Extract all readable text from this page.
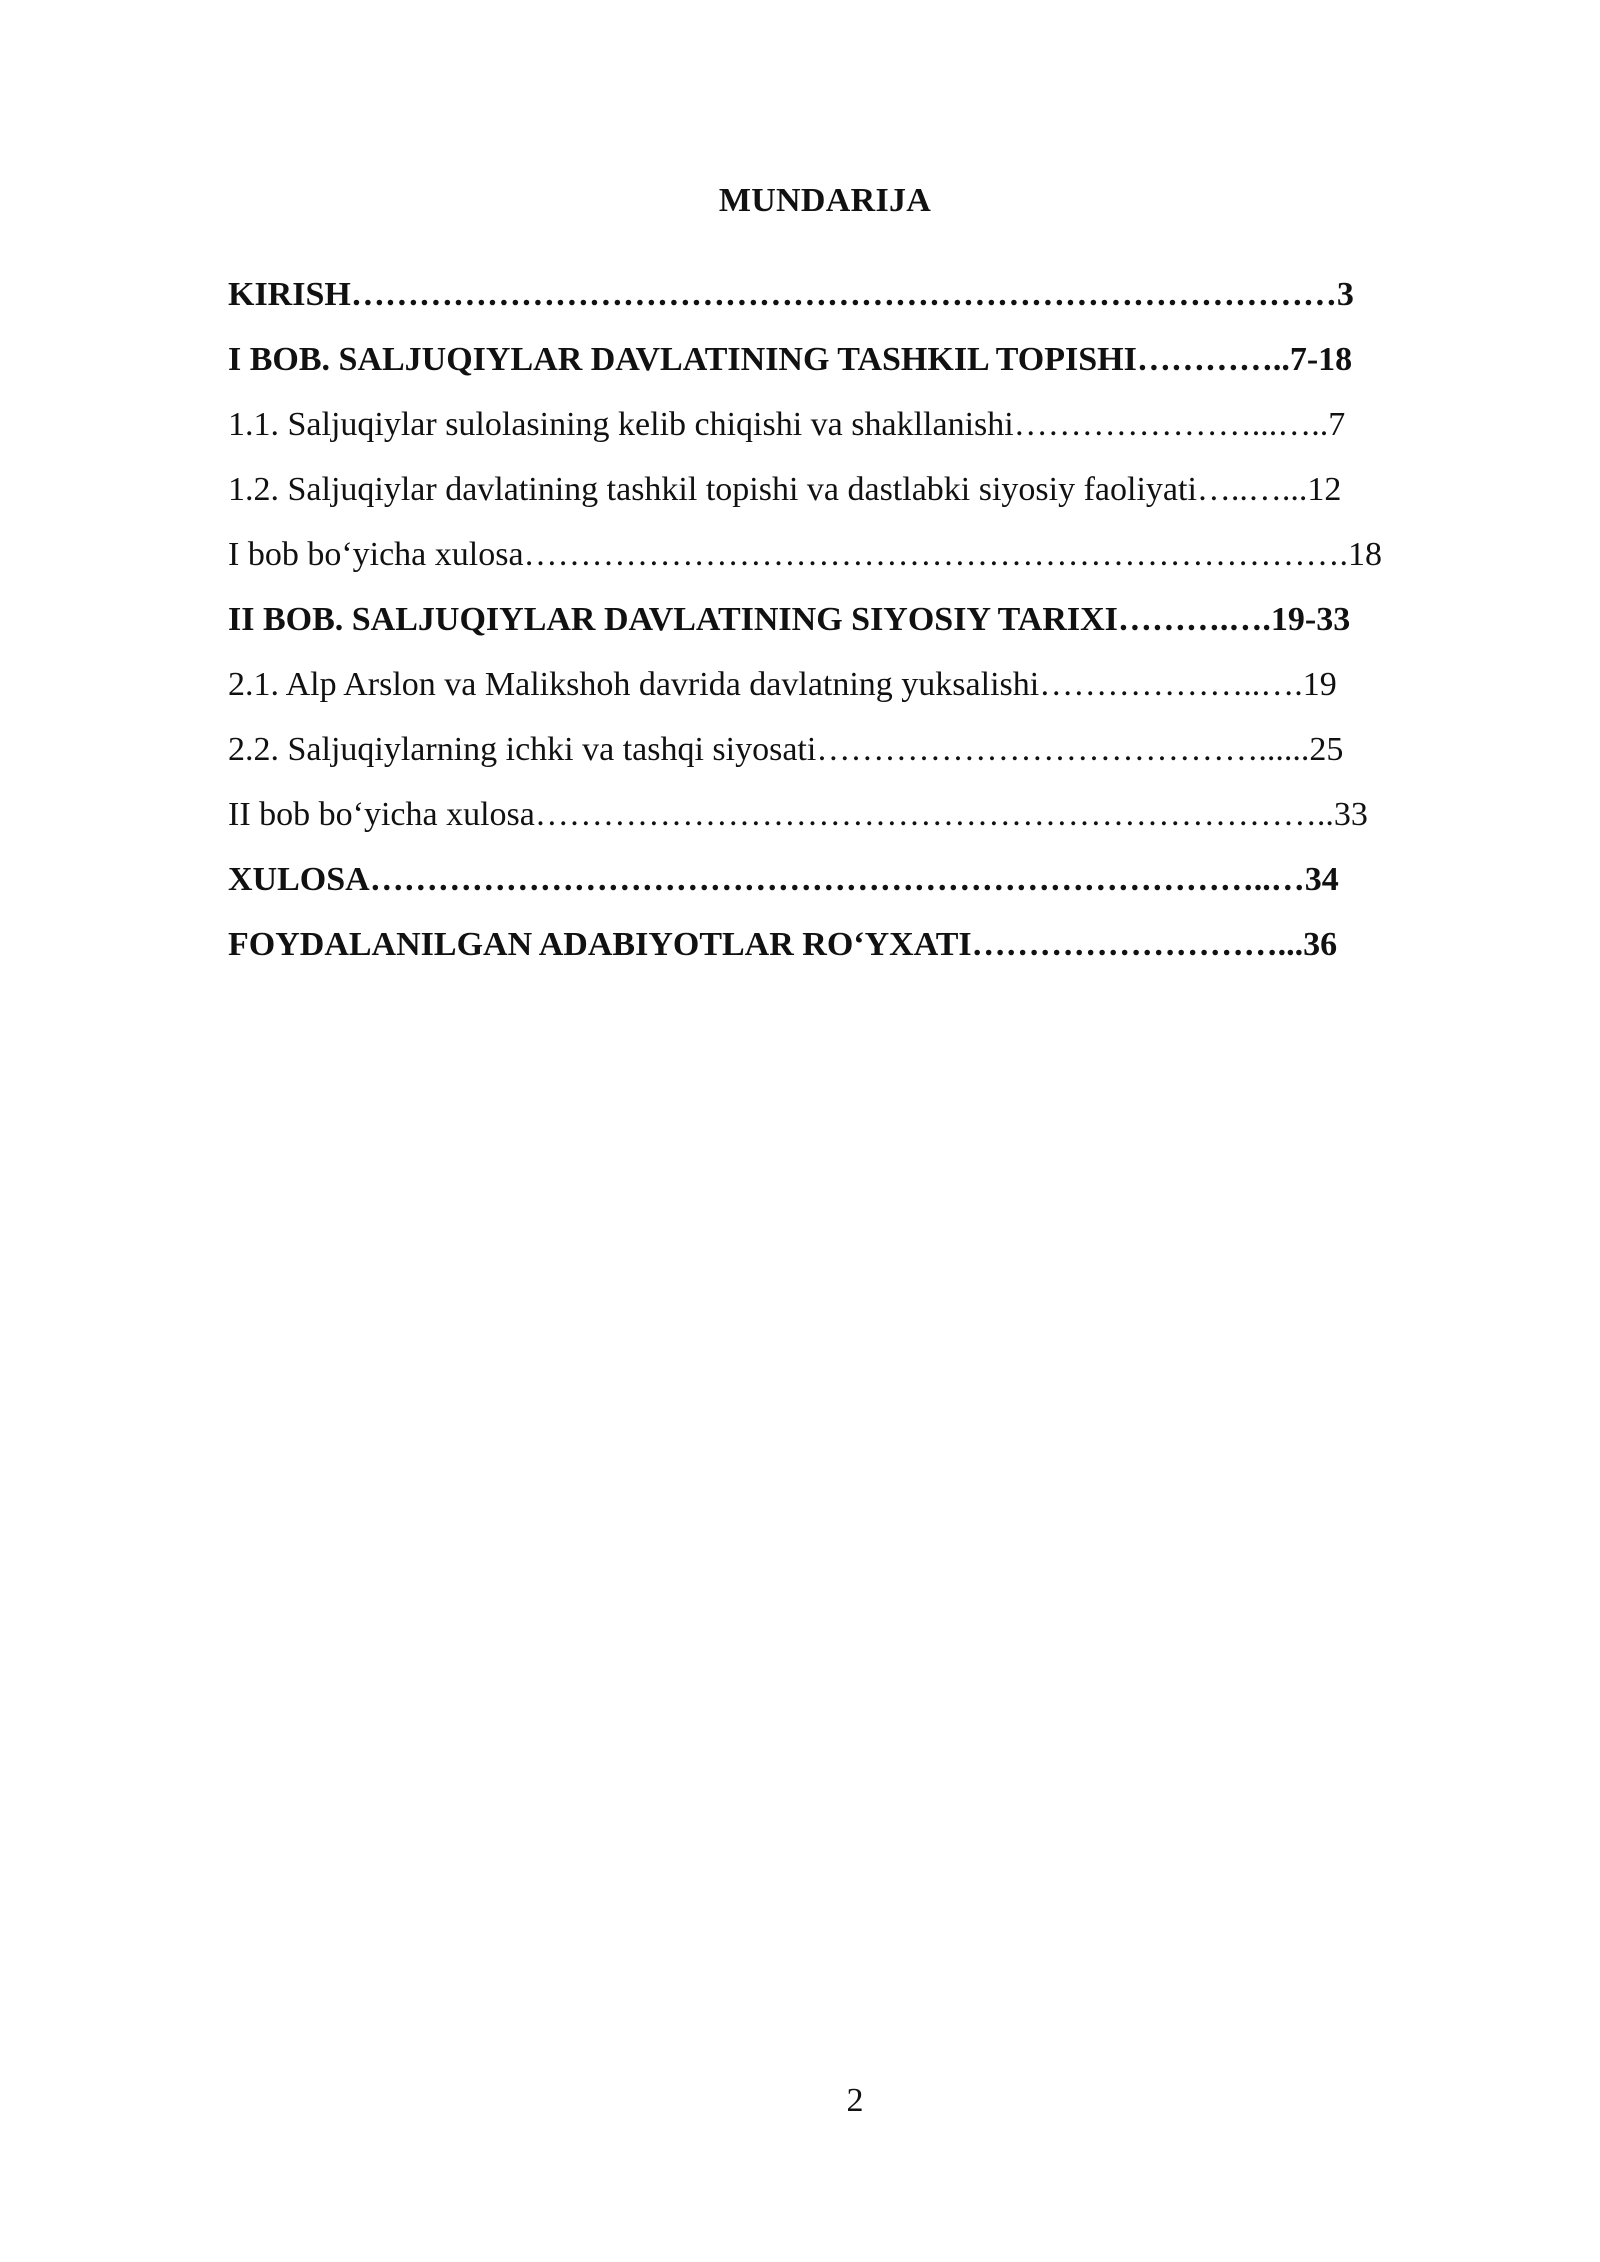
MUNDARIJA
KIRISH……………………………………………………………………………3
I BOB. SALJUQIYLAR DAVLATINING TASHKIL TOPISHI…………..7-18
1.1. Saljuqiylar sulolasining kelib chiqishi va shakllanishi…………………...…..7
1.2. Saljuqiylar davlatining tashkil topishi va dastlabki siyosiy faoliyati…..…...12
I bob bo‘yicha xulosa……………………………………………………………….18
II BOB. SALJUQIYLAR DAVLATINING SIYOSIY TARIXI……….….19-33
2.1. Alp Arslon va Malikshoh davrida davlatning yuksalishi………………..….19
2.2. Saljuqiylarning ichki va tashqi siyosati…………………………………......25
II bob bo‘yicha xulosa……………………………………………………………..33
XULOSA……………………………………………………………………..…34
FOYDALANILGAN ADABIYOTLAR RO‘YXATI………………………...36
2
